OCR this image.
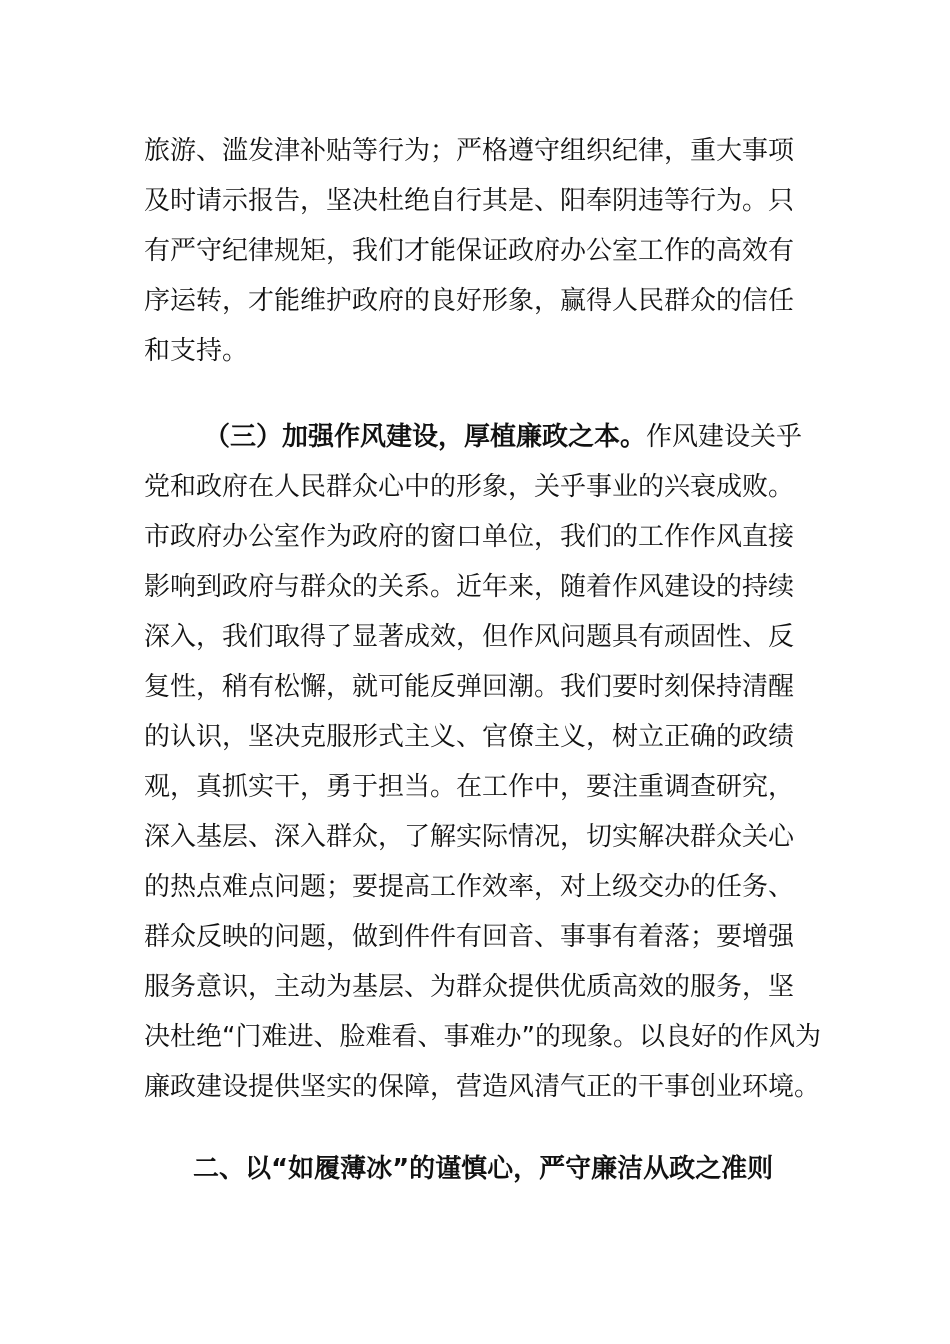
旅游、滥发津补贴等行为；严格遵守组织纪律，重大事项
及时请示报告，坚决杜绝自行其是、阳奉阴违等行为。只
有严守纪律规矩，我们才能保证政府办公室工作的高效有
序运转，才能维护政府的良好形象，赢得人民群众的信任
和支持。
（三）加强作风建设，厚植廉政之本。作风建设关乎
党和政府在人民群众心中的形象，关乎事业的兴衰成败。
市政府办公室作为政府的窗口单位，我们的工作作风直接
影响到政府与群众的关系。近年来，随着作风建设的持续
深入，我们取得了显著成效，但作风问题具有顽固性、反
复性，稍有松懈，就可能反弹回潮。我们要时刻保持清醒
的认识，坚决克服形式主义、官僚主义，树立正确的政绩
观，真抓实干，勇于担当。在工作中，要注重调查研究，
深入基层、深入群众，了解实际情况，切实解决群众关心
的热点难点问题；要提高工作效率，对上级交办的任务、
群众反映的问题，做到件件有回音、事事有着落；要增强
服务意识，主动为基层、为群众提供优质高效的服务，坚
决杜绝“门难进、脸难看、事难办”的现象。以良好的作风为
廉政建设提供坚实的保障，营造风清气正的干事创业环境。
二、以“如履薄冰”的谨慎心，严守廉洁从政之准则
